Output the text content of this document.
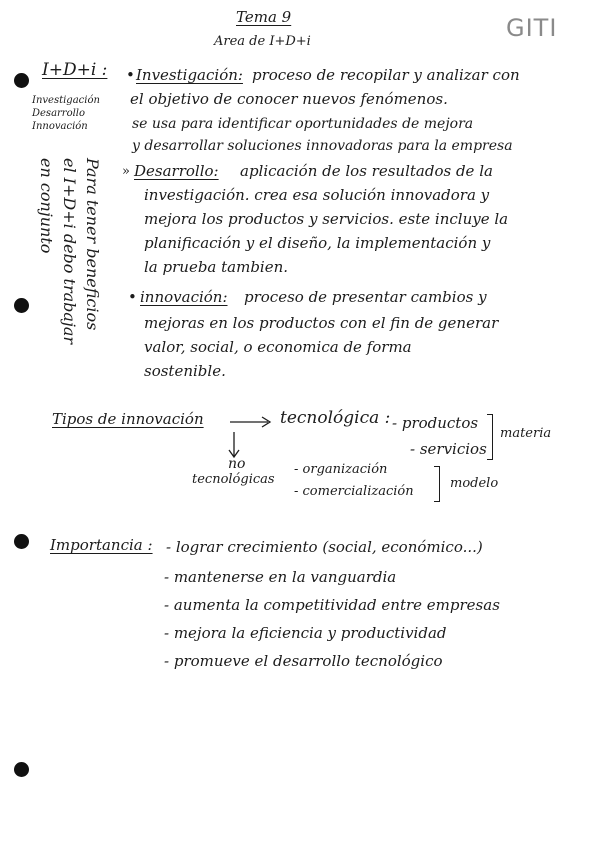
GITI
Tema 9
Area de I+D+i
I+D+i :
Investigación
Desarrollo
Innovación
Para tener beneficios
el I+D+i debo trabajar
en conjunto
• Investigación: proceso de recopilar y analizar con
el objetivo de conocer nuevos fenómenos.
se usa para identificar oportunidades de mejora
y desarrollar soluciones innovadoras para la empresa
» Desarrollo: aplicación de los resultados de la
investigación. crea esa solución innovadora y
mejora los productos y servicios. este incluye la
planificación y el diseño, la implementación y
la prueba tambien.
• innovación: proceso de presentar cambios y
mejoras en los productos con el fin de generar
valor, social, o economica de forma
sostenible.
Tipos de innovación	tecnológica : - productos
- servicios
materia
no
tecnológicas
- organización
- comercialización
modelo
Importancia : - lograr crecimiento (social, económico...)
- mantenerse en la vanguardia
- aumenta la competitividad entre empresas
- mejora la eficiencia y productividad
- promueve el desarrollo tecnológico
